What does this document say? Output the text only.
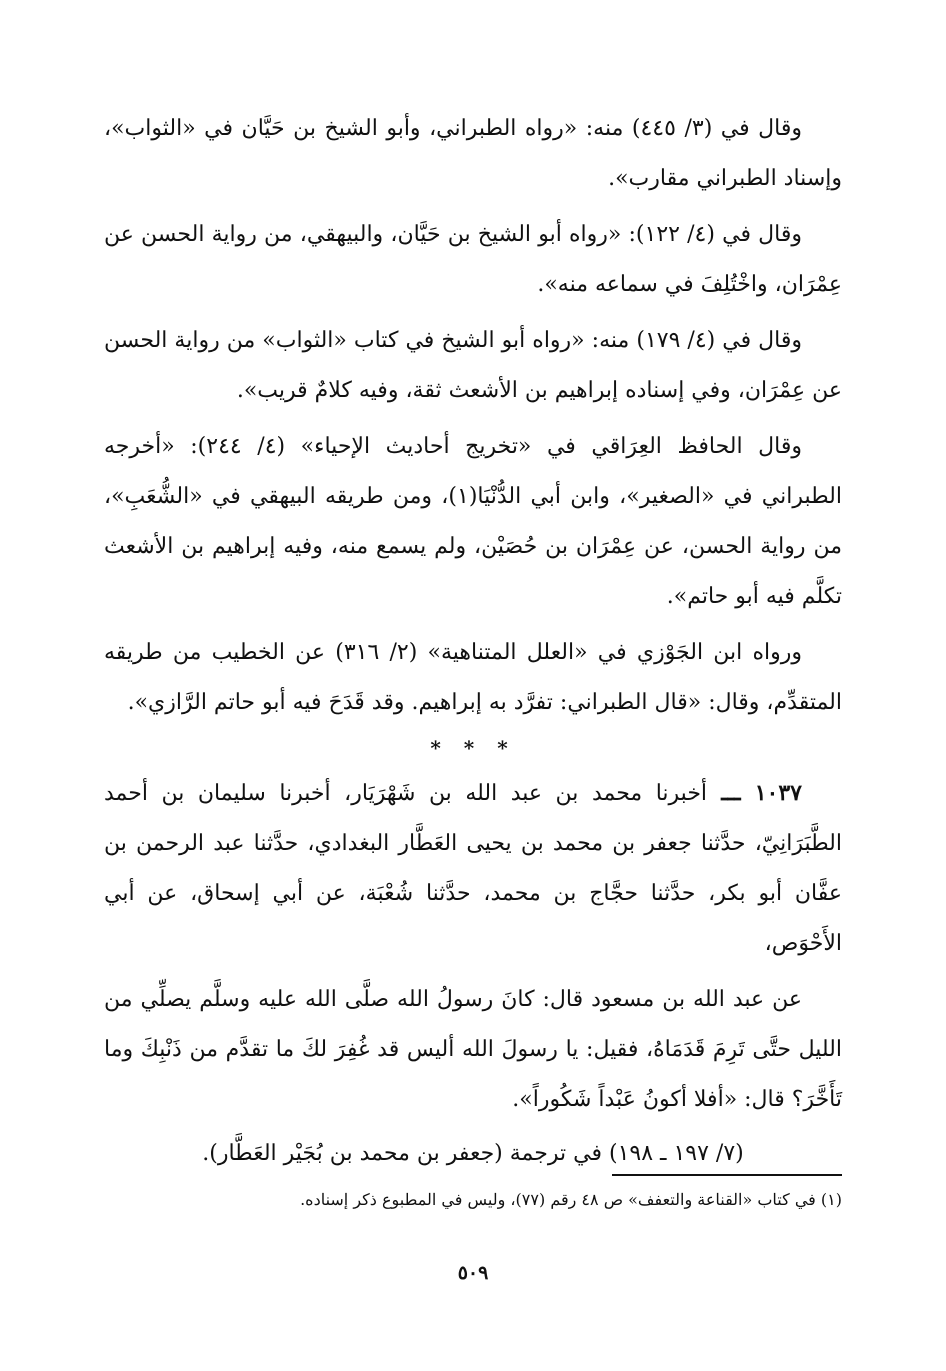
وقال في (٣/ ٤٤٥) منه: «رواه الطبراني، وأبو الشيخ بن حَيَّان في «الثواب»، وإسناد الطبراني مقارب».

وقال في (٤/ ١٢٢): «رواه أبو الشيخ بن حَيَّان، والبيهقي، من رواية الحسن عن عِمْرَان، واخْتُلِفَ في سماعه منه».

وقال في (٤/ ١٧٩) منه: «رواه أبو الشيخ في كتاب «الثواب» من رواية الحسن عن عِمْرَان، وفي إسناده إبراهيم بن الأشعث ثقة، وفيه كلامٌ قريب».

وقال الحافظ العِرَاقي في «تخريج أحاديث الإحياء» (٤/ ٢٤٤): «أخرجه الطبراني في «الصغير»، وابن أبي الدُّنْيَا(١)، ومن طريقه البيهقي في «الشُّعَبِ»، من رواية الحسن، عن عِمْرَان بن حُصَيْن، ولم يسمع منه، وفيه إبراهيم بن الأشعث تكلَّم فيه أبو حاتم».

ورواه ابن الجَوْزي في «العلل المتناهية» (٢/ ٣١٦) عن الخطيب من طريقه المتقدِّم، وقال: «قال الطبراني: تفرَّد به إبراهيم. وقد قَدَحَ فيه أبو حاتم الرَّازي».

* * *

١٠٣٧ ـــ أخبرنا محمد بن عبد الله بن شَهْرَيَار، أخبرنا سليمان بن أحمد الطَّبَرَانِيّ، حدَّثنا جعفر بن محمد بن يحيى العَطَّار البغدادي، حدَّثنا عبد الرحمن بن عفَّان أبو بكر، حدَّثنا حجَّاج بن محمد، حدَّثنا شُعْبَة، عن أبي إسحاق، عن أبي الأَحْوَص،

عن عبد الله بن مسعود قال: كانَ رسولُ الله صلَّى الله عليه وسلَّم يصلِّي من الليل حتَّى تَرِمَ قَدَمَاهُ، فقيل: يا رسولَ الله أليس قد غُفِرَ لكَ ما تقدَّم من ذَنْبِكَ وما تَأَخَّرَ؟ قال: «أفلا أكونُ عَبْداً شَكُوراً».

(٧/ ١٩٧ ـ ١٩٨) في ترجمة (جعفر بن محمد بن بُجَيْر العَطَّار).

(١) في كتاب «القناعة والتعفف» ص ٤٨ رقم (٧٧)، وليس في المطبوع ذكر إسناده.

٥٠٩
